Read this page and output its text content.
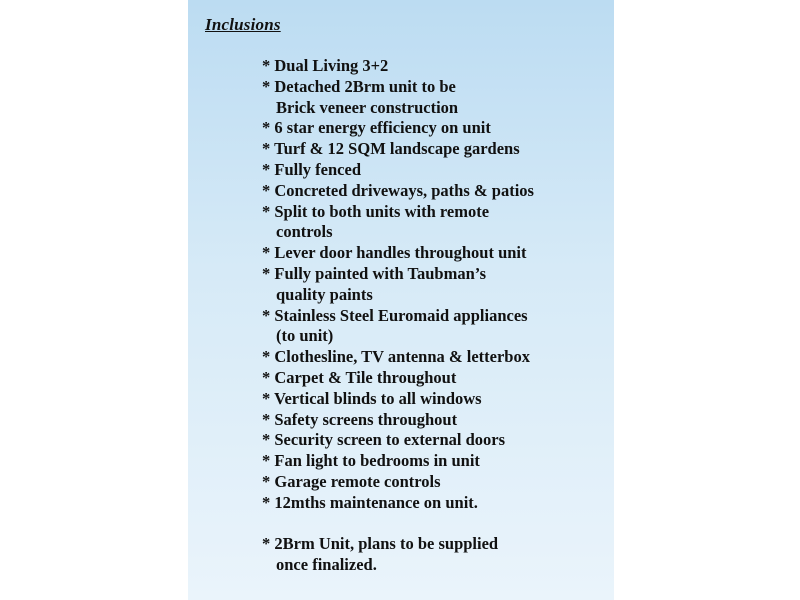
Inclusions
* Dual Living 3+2
* Detached 2Brm unit to be
Brick veneer construction
* 6 star energy efficiency on unit
* Turf & 12 SQM landscape gardens
* Fully fenced
* Concreted driveways, paths & patios
* Split to both units with remote
controls
* Lever door handles throughout unit
* Fully painted with Taubman’s
quality paints
* Stainless Steel Euromaid appliances
(to unit)
* Clothesline, TV antenna & letterbox
* Carpet & Tile throughout
* Vertical blinds to all windows
* Safety screens throughout
* Security screen to external doors
* Fan light to bedrooms in unit
* Garage remote controls
* 12mths maintenance on unit.
* 2Brm Unit, plans to be supplied
once finalized.
